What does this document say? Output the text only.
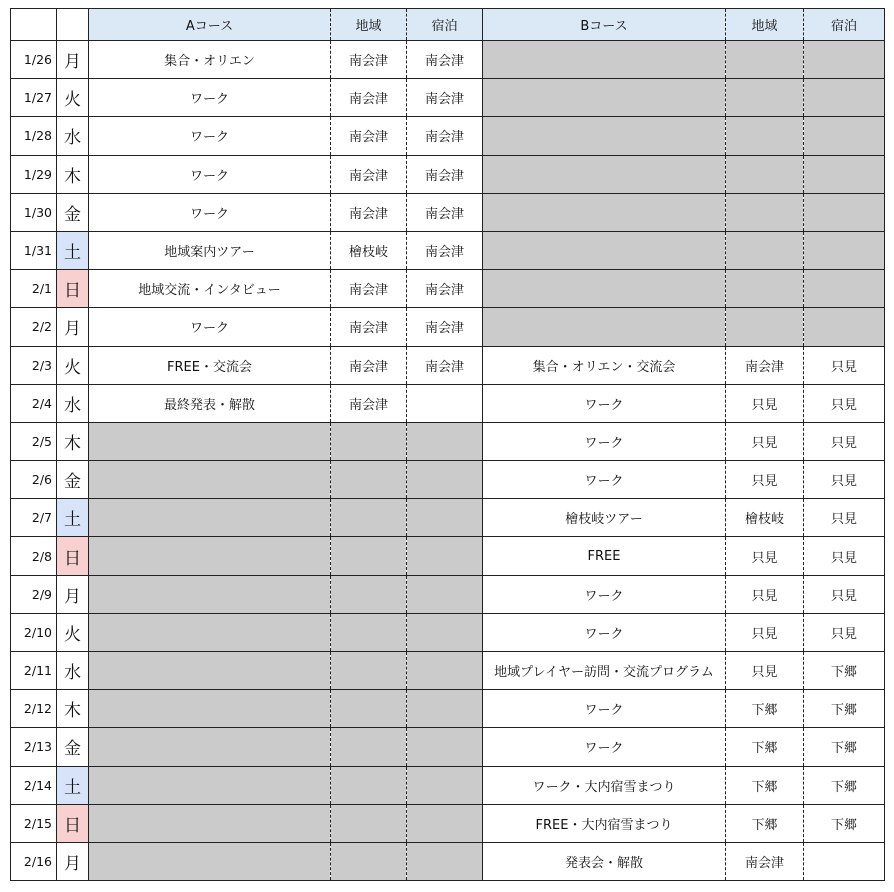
		Aコース	地域	宿泊	Bコース	地域	宿泊
1/26	月	集合・オリエン	南会津	南会津			
1/27	火	ワーク	南会津	南会津			
1/28	水	ワーク	南会津	南会津			
1/29	木	ワーク	南会津	南会津			
1/30	金	ワーク	南会津	南会津			
1/31	土	地域案内ツアー	檜枝岐	南会津			
2/1	日	地域交流・インタビュー	南会津	南会津			
2/2	月	ワーク	南会津	南会津			
2/3	火	FREE・交流会	南会津	南会津	集合・オリエン・交流会	南会津	只見
2/4	水	最終発表・解散	南会津		ワーク	只見	只見
2/5	木				ワーク	只見	只見
2/6	金				ワーク	只見	只見
2/7	土				檜枝岐ツアー	檜枝岐	只見
2/8	日				FREE	只見	只見
2/9	月				ワーク	只見	只見
2/10	火				ワーク	只見	只見
2/11	水				地域プレイヤー訪問・交流プログラム	只見	下郷
2/12	木				ワーク	下郷	下郷
2/13	金				ワーク	下郷	下郷
2/14	土				ワーク・大内宿雪まつり	下郷	下郷
2/15	日				FREE・大内宿雪まつり	下郷	下郷
2/16	月				発表会・解散	南会津	
